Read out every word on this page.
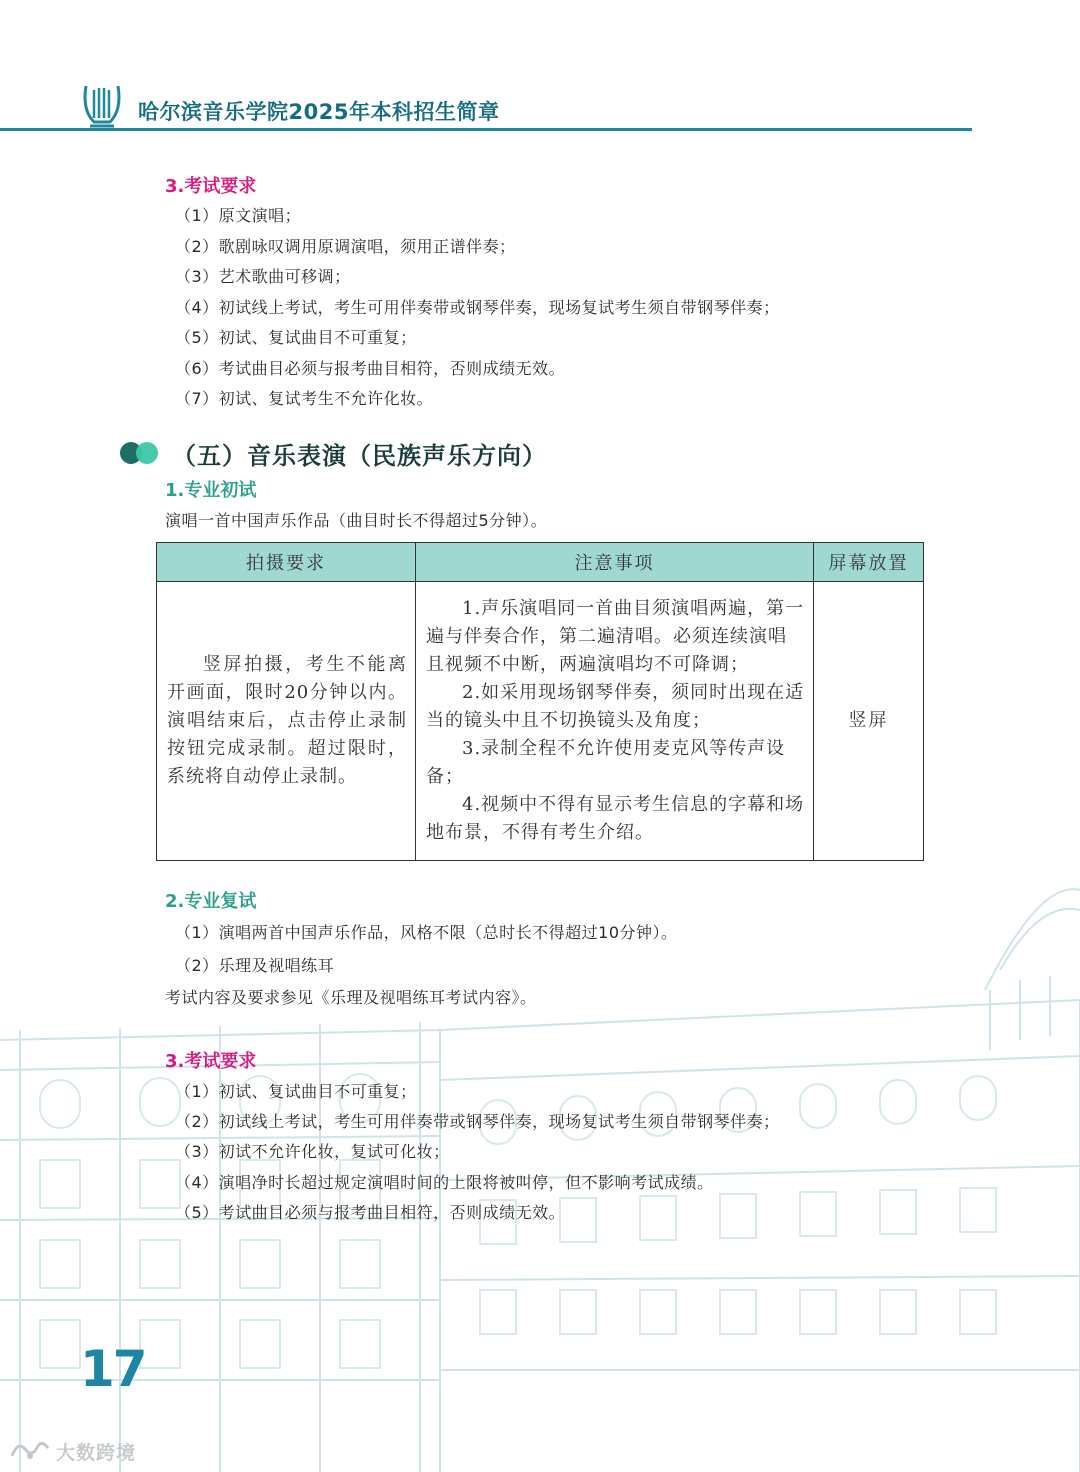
哈尔滨音乐学院2025年本科招生简章
3.考试要求
（1）原文演唱；
（2）歌剧咏叹调用原调演唱，须用正谱伴奏；
（3）艺术歌曲可移调；
（4）初试线上考试，考生可用伴奏带或钢琴伴奏，现场复试考生须自带钢琴伴奏；
（5）初试、复试曲目不可重复；
（6）考试曲目必须与报考曲目相符，否则成绩无效。
（7）初试、复试考生不允许化妆。
（五）音乐表演（民族声乐方向）
1.专业初试
演唱一首中国声乐作品（曲目时长不得超过5分钟）。
拍摄要求	注意事项	屏幕放置

竖屏拍摄，考生不能离开画面，限时20分钟以内。演唱结束后，点击停止录制按钮完成录制。超过限时，系统将自动停止录制。	1.声乐演唱同一首曲目须演唱两遍，第一遍与伴奏合作，第二遍清唱。必须连续演唱且视频不中断，两遍演唱均不可降调；
2.如采用现场钢琴伴奏，须同时出现在适当的镜头中且不切换镜头及角度；
3.录制全程不允许使用麦克风等传声设备；
4.视频中不得有显示考生信息的字幕和场地布景，不得有考生介绍。	竖屏
2.专业复试
（1）演唱两首中国声乐作品，风格不限（总时长不得超过10分钟）。
（2）乐理及视唱练耳
考试内容及要求参见《乐理及视唱练耳考试内容》。
3.考试要求
（1）初试、复试曲目不可重复；
（2）初试线上考试，考生可用伴奏带或钢琴伴奏，现场复试考生须自带钢琴伴奏；
（3）初试不允许化妆，复试可化妆；
（4）演唱净时长超过规定演唱时间的上限将被叫停，但不影响考试成绩。
（5）考试曲目必须与报考曲目相符，否则成绩无效。
17
大数跨境
